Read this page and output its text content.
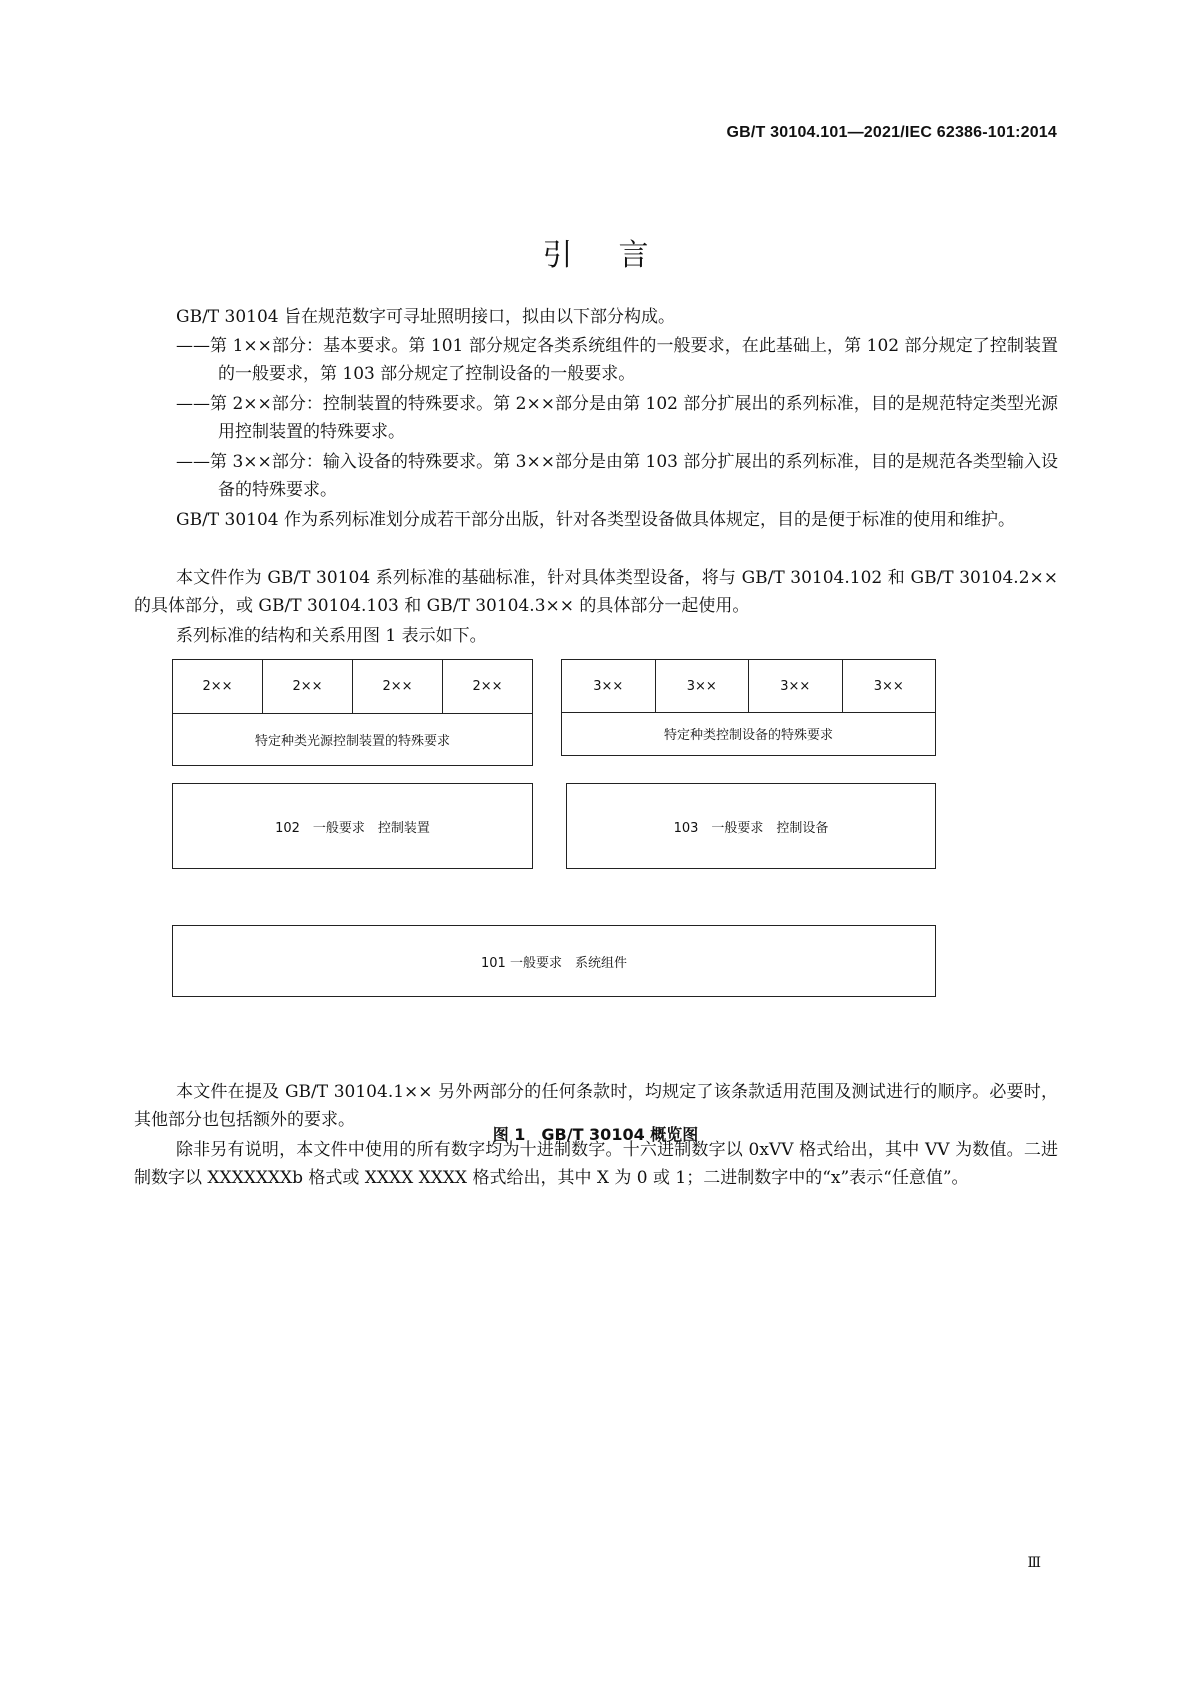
GB/T 30104.101—2021/IEC 62386-101:2014
引言

GB/T 30104 旨在规范数字可寻址照明接口，拟由以下部分构成。

——第 1××部分：基本要求。第 101 部分规定各类系统组件的一般要求，在此基础上，第 102 部分规定了控制装置的一般要求，第 103 部分规定了控制设备的一般要求。

——第 2××部分：控制装置的特殊要求。第 2××部分是由第 102 部分扩展出的系列标准，目的是规范特定类型光源用控制装置的特殊要求。

——第 3××部分：输入设备的特殊要求。第 3××部分是由第 103 部分扩展出的系列标准，目的是规范各类型输入设备的特殊要求。

GB/T 30104 作为系列标准划分成若干部分出版，针对各类型设备做具体规定，目的是便于标准的使用和维护。

本文件作为 GB/T 30104 系列标准的基础标准，针对具体类型设备，将与 GB/T 30104.102 和 GB/T 30104.2×× 的具体部分，或 GB/T 30104.103 和 GB/T 30104.3×× 的具体部分一起使用。

系列标准的结构和关系用图 1 表示如下。

2××	2××	2××	2××
特定种类光源控制装置的特殊要求
3××	3××	3××	3××
特定种类控制设备的特殊要求
102　一般要求　控制装置	103　一般要求　控制设备
101 一般要求　系统组件
图 1　GB/T 30104 概览图

本文件在提及 GB/T 30104.1×× 另外两部分的任何条款时，均规定了该条款适用范围及测试进行的顺序。必要时，其他部分也包括额外的要求。

除非另有说明，本文件中使用的所有数字均为十进制数字。十六进制数字以 0xVV 格式给出，其中 VV 为数值。二进制数字以 XXXXXXXb 格式或 XXXX XXXX 格式给出，其中 X 为 0 或 1；二进制数字中的“x”表示“任意值”。

Ⅲ
